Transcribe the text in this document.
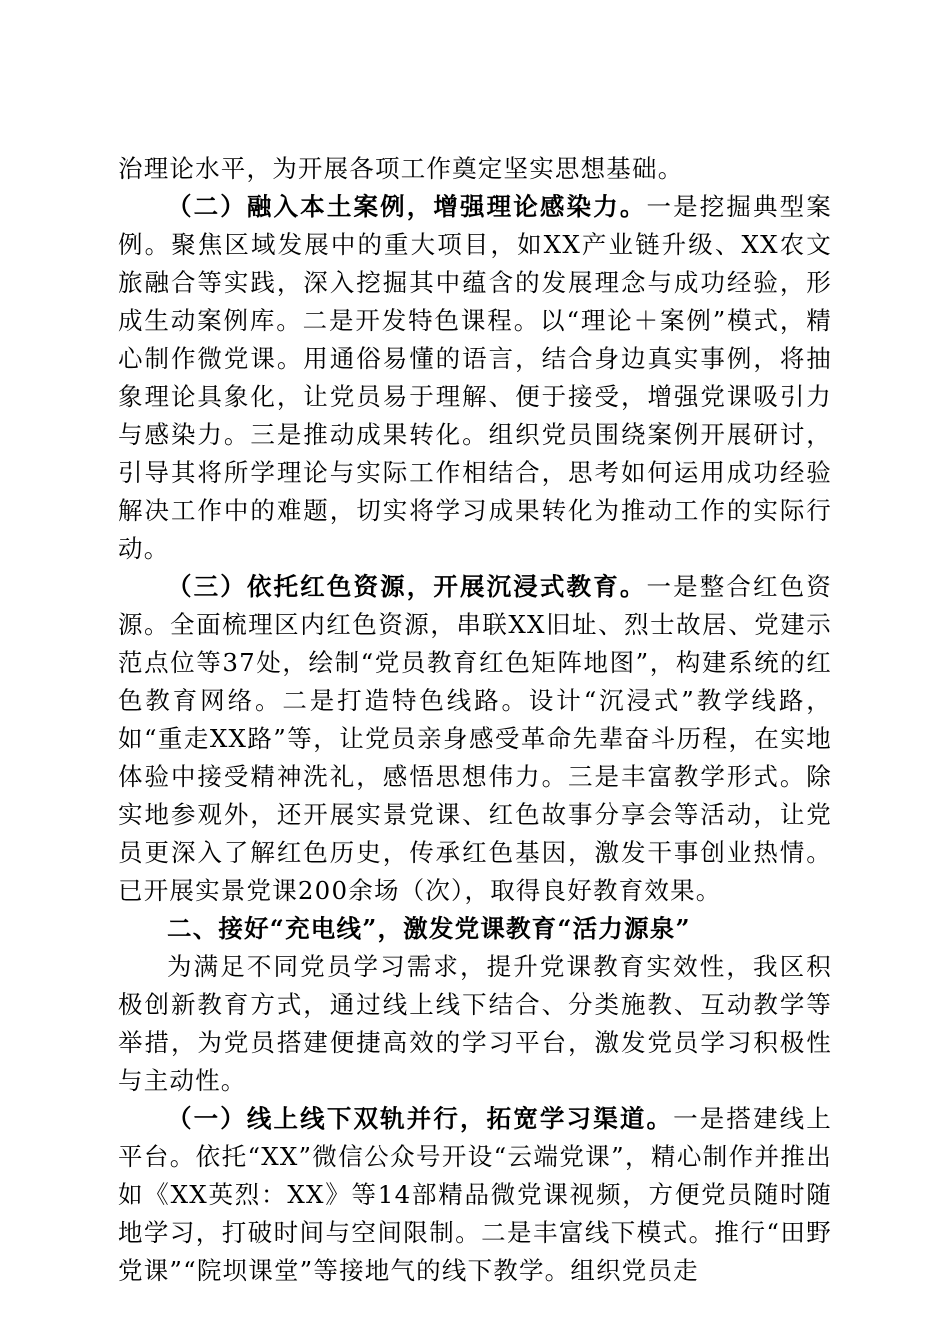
治理论水平，为开展各项工作奠定坚实思想基础。

（二）融入本土案例，增强理论感染力。一是挖掘典型案例。聚焦区域发展中的重大项目，如XX产业链升级、XX农文旅融合等实践，深入挖掘其中蕴含的发展理念与成功经验，形成生动案例库。二是开发特色课程。以“理论＋案例”模式，精心制作微党课。用通俗易懂的语言，结合身边真实事例，将抽象理论具象化，让党员易于理解、便于接受，增强党课吸引力与感染力。三是推动成果转化。组织党员围绕案例开展研讨，引导其将所学理论与实际工作相结合，思考如何运用成功经验解决工作中的难题，切实将学习成果转化为推动工作的实际行动。

（三）依托红色资源，开展沉浸式教育。一是整合红色资源。全面梳理区内红色资源，串联XX旧址、烈士故居、党建示范点位等37处，绘制“党员教育红色矩阵地图”，构建系统的红色教育网络。二是打造特色线路。设计“沉浸式”教学线路，如“重走XX路”等，让党员亲身感受革命先辈奋斗历程，在实地体验中接受精神洗礼，感悟思想伟力。三是丰富教学形式。除实地参观外，还开展实景党课、红色故事分享会等活动，让党员更深入了解红色历史，传承红色基因，激发干事创业热情。已开展实景党课200余场（次），取得良好教育效果。

二、接好“充电线”，激发党课教育“活力源泉”

为满足不同党员学习需求，提升党课教育实效性，我区积极创新教育方式，通过线上线下结合、分类施教、互动教学等举措，为党员搭建便捷高效的学习平台，激发党员学习积极性与主动性。

（一）线上线下双轨并行，拓宽学习渠道。一是搭建线上平台。依托“XX”微信公众号开设“云端党课”，精心制作并推出如《XX英烈：XX》等14部精品微党课视频，方便党员随时随地学习，打破时间与空间限制。二是丰富线下模式。推行“田野党课”“院坝课堂”等接地气的线下教学。组织党员走
